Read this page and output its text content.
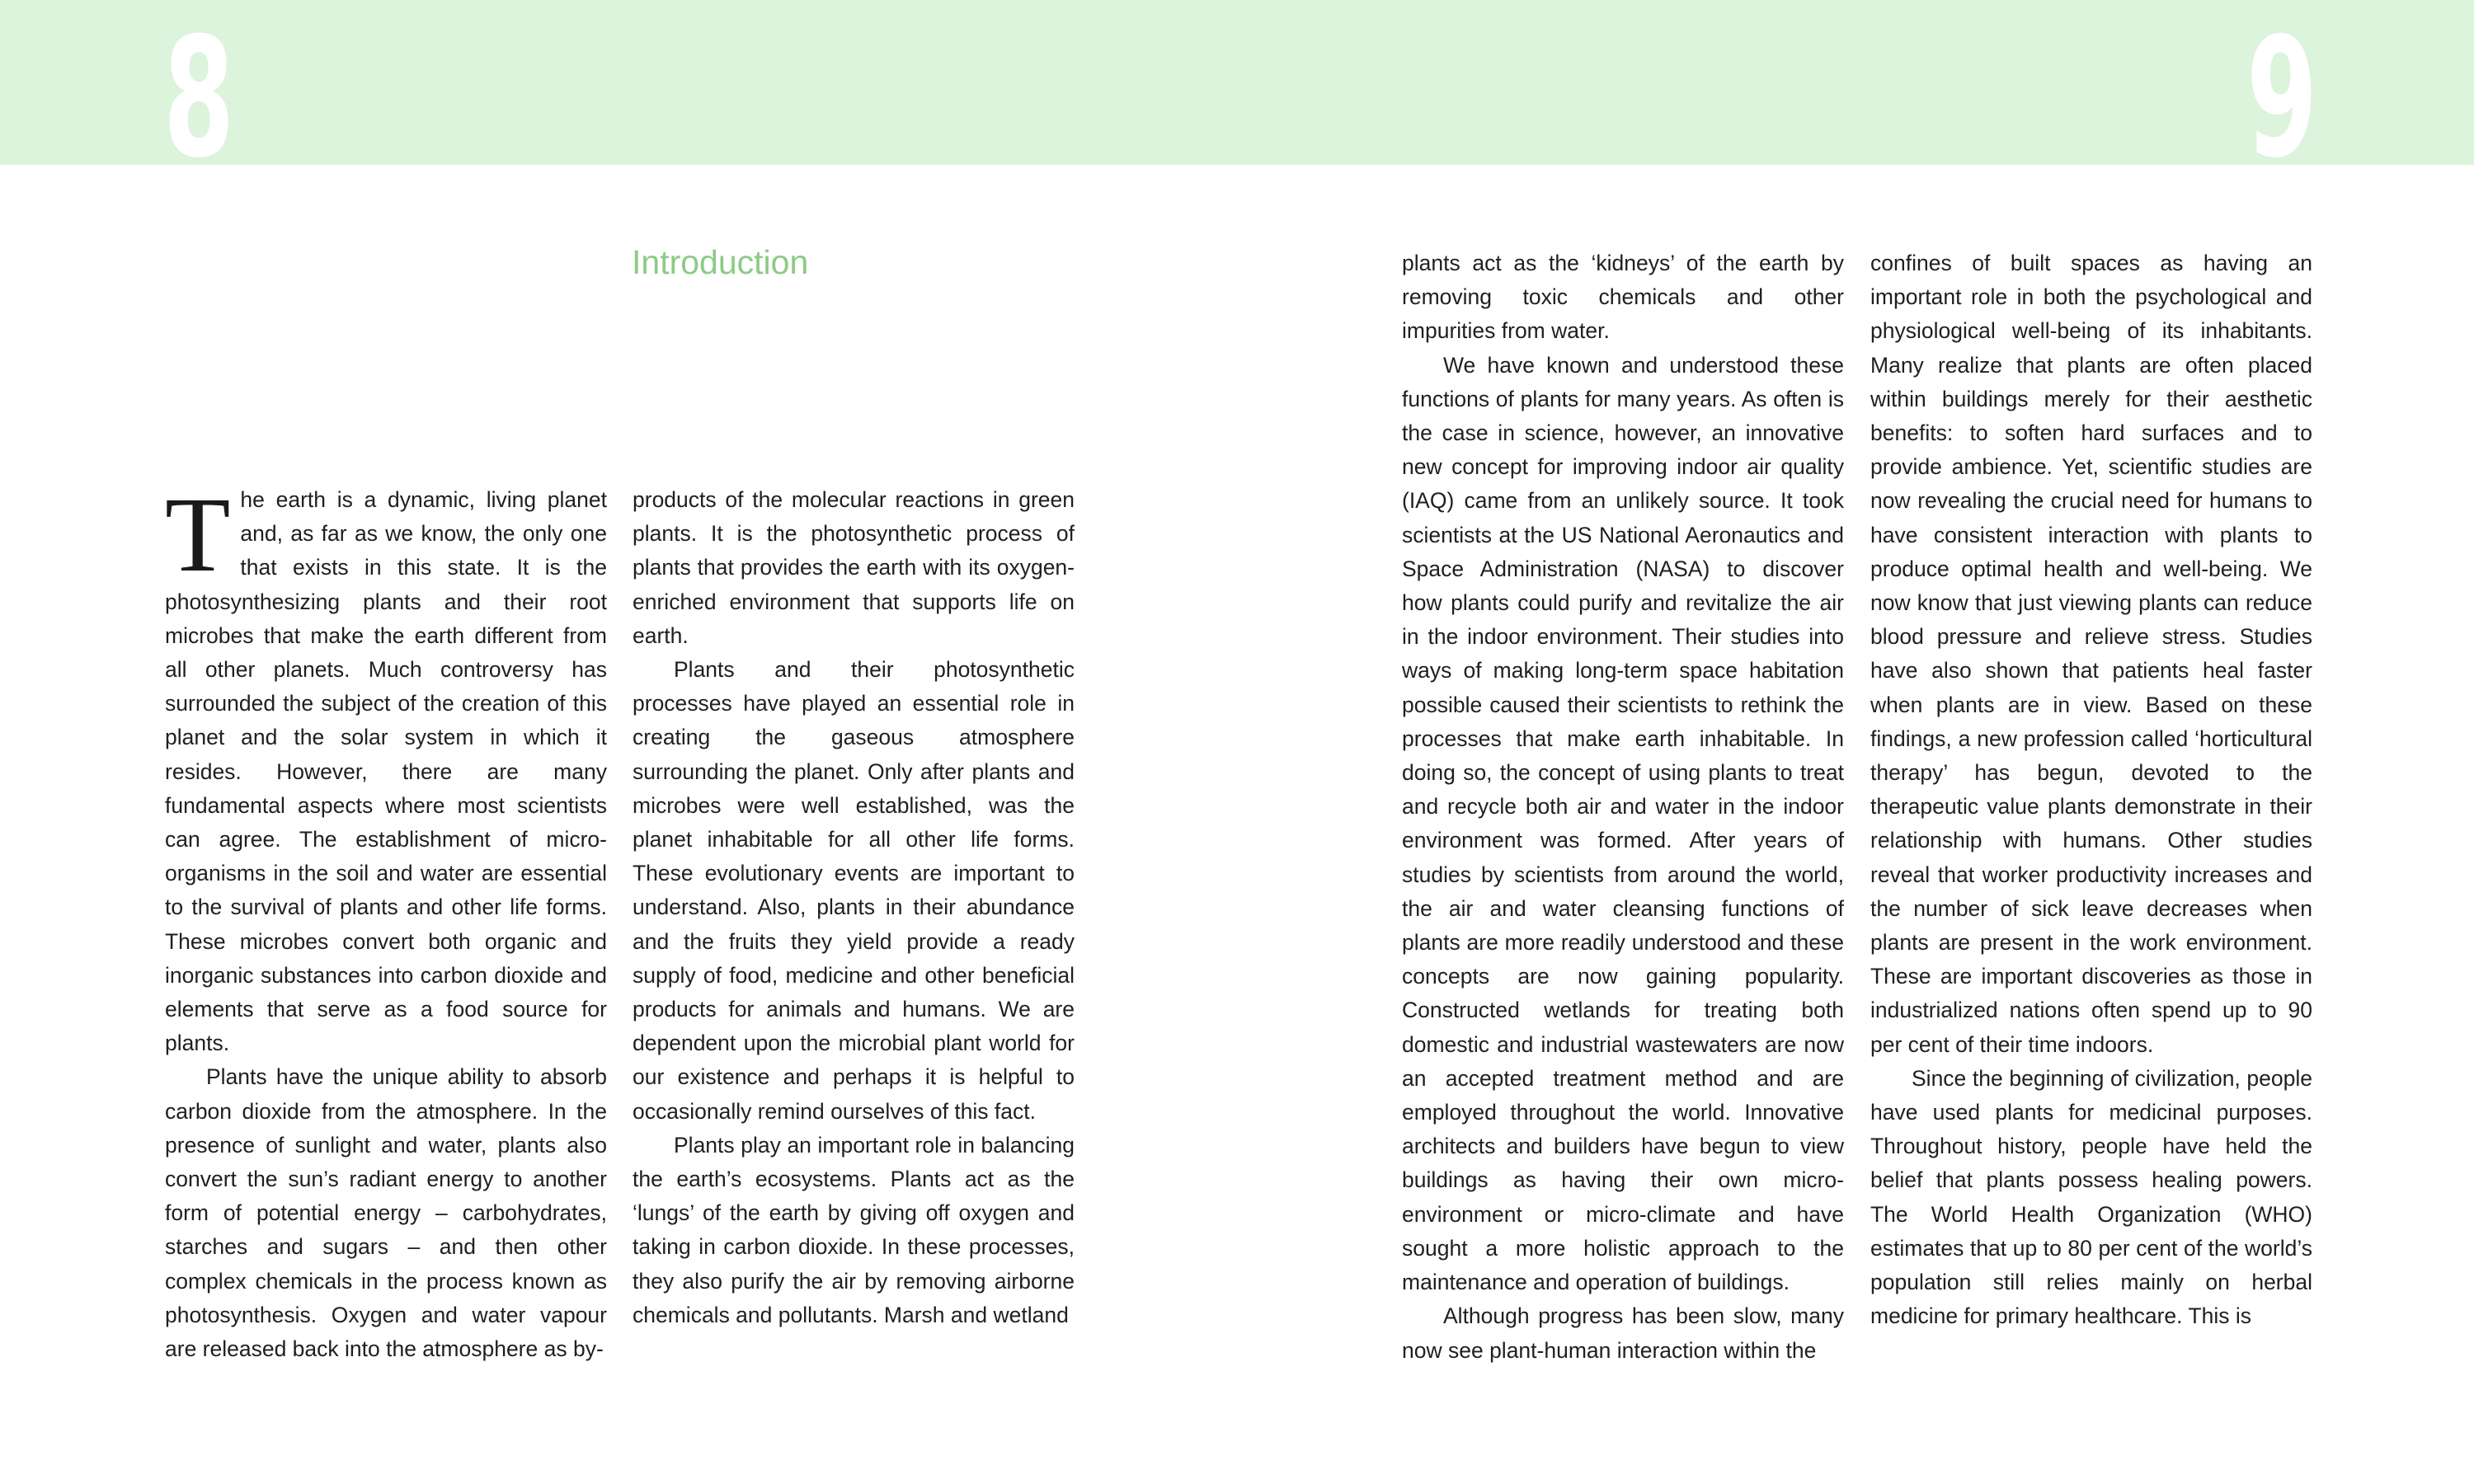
8	9
Introduction

The earth is a dynamic, living planet and, as far as we know, the only one that exists in this state. It is the photosynthesizing plants and their root microbes that make the earth different from all other planets. Much controversy has surrounded the subject of the creation of this planet and the solar system in which it resides. However, there are many fundamental aspects where most scientists can agree. The establishment of micro-organisms in the soil and water are essential to the survival of plants and other life forms. These microbes convert both organic and inorganic substances into carbon dioxide and elements that serve as a food source for plants.

Plants have the unique ability to absorb carbon dioxide from the atmosphere. In the presence of sunlight and water, plants also convert the sun’s radiant energy to another form of potential energy – carbohydrates, starches and sugars – and then other complex chemicals in the process known as photosynthesis. Oxygen and water vapour are released back into the atmosphere as by-

products of the molecular reactions in green plants. It is the photosynthetic process of plants that provides the earth with its oxygen-enriched environment that supports life on earth.

Plants and their photosynthetic processes have played an essential role in creating the gaseous atmosphere surrounding the planet. Only after plants and microbes were well established, was the planet inhabitable for all other life forms. These evolutionary events are important to understand. Also, plants in their abundance and the fruits they yield provide a ready supply of food, medicine and other beneficial products for animals and humans. We are dependent upon the microbial plant world for our existence and perhaps it is helpful to occasionally remind ourselves of this fact.

Plants play an important role in balancing the earth’s ecosystems. Plants act as the ‘lungs’ of the earth by giving off oxygen and taking in carbon dioxide. In these processes, they also purify the air by removing airborne chemicals and pollutants. Marsh and wetland

plants act as the ‘kidneys’ of the earth by removing toxic chemicals and other impurities from water.

We have known and understood these functions of plants for many years. As often is the case in science, however, an innovative new concept for improving indoor air quality (IAQ) came from an unlikely source. It took scientists at the US National Aeronautics and Space Administration (NASA) to discover how plants could purify and revitalize the air in the indoor environment. Their studies into ways of making long-term space habitation possible caused their scientists to rethink the processes that make earth inhabitable. In doing so, the concept of using plants to treat and recycle both air and water in the indoor environment was formed. After years of studies by scientists from around the world, the air and water cleansing functions of plants are more readily understood and these concepts are now gaining popularity. Constructed wetlands for treating both domestic and industrial wastewaters are now an accepted treatment method and are employed throughout the world. Innovative architects and builders have begun to view buildings as having their own micro-environment or micro-climate and have sought a more holistic approach to the maintenance and operation of buildings.

Although progress has been slow, many now see plant-human interaction within the

confines of built spaces as having an important role in both the psychological and physiological well-being of its inhabitants. Many realize that plants are often placed within buildings merely for their aesthetic benefits: to soften hard surfaces and to provide ambience. Yet, scientific studies are now revealing the crucial need for humans to have consistent interaction with plants to produce optimal health and well-being. We now know that just viewing plants can reduce blood pressure and relieve stress. Studies have also shown that patients heal faster when plants are in view. Based on these findings, a new profession called ‘horticultural therapy’ has begun, devoted to the therapeutic value plants demonstrate in their relationship with humans. Other studies reveal that worker productivity increases and the number of sick leave decreases when plants are present in the work environment. These are important discoveries as those in industrialized nations often spend up to 90 per cent of their time indoors.

Since the beginning of civilization, people have used plants for medicinal purposes. Throughout history, people have held the belief that plants possess healing powers. The World Health Organization (WHO) estimates that up to 80 per cent of the world’s population still relies mainly on herbal medicine for primary healthcare. This is
